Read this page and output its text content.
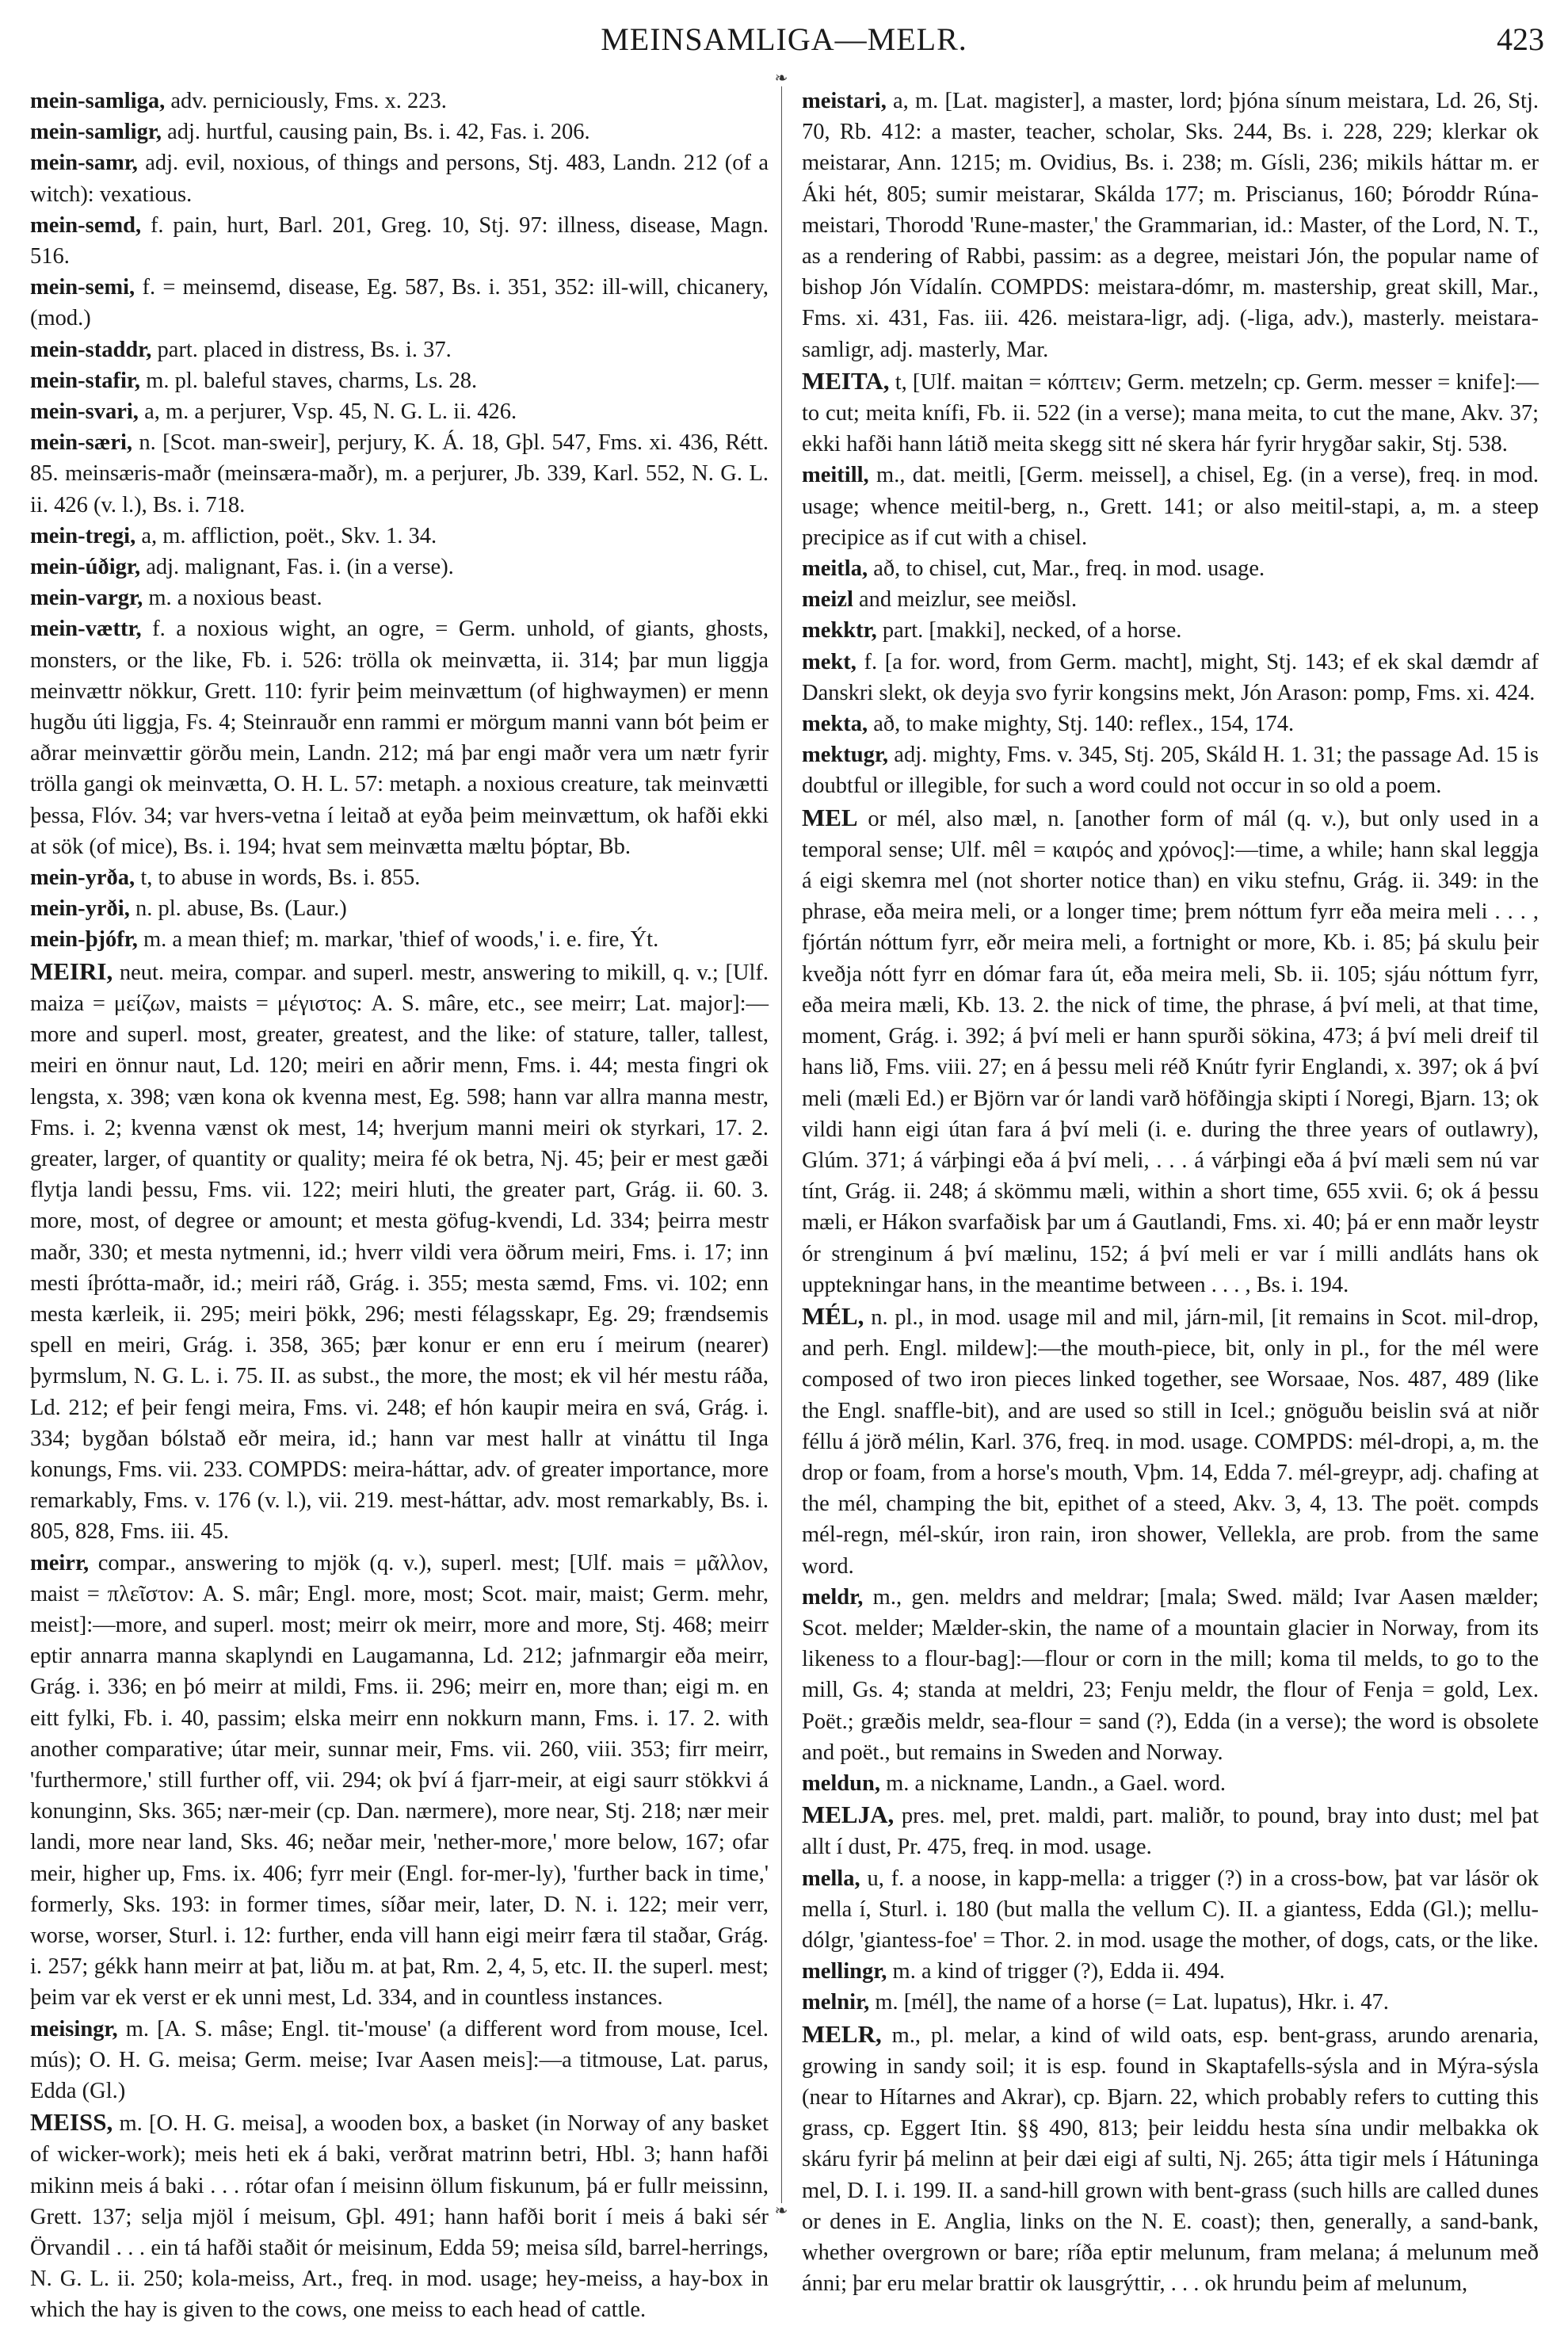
MEINSAMLIGA—MELR.	423

mein-samliga, adv. perniciously, Fms. x. 223.

mein-samligr, adj. hurtful, causing pain, Bs. i. 42, Fas. i. 206.

mein-samr, adj. evil, noxious, of things and persons, Stj. 483, Landn. 212 (of a witch): vexatious.

mein-semd, f. pain, hurt, Barl. 201, Greg. 10, Stj. 97: illness, disease, Magn. 516.

mein-semi, f. = meinsemd, disease, Eg. 587, Bs. i. 351, 352: ill-will, chicanery, (mod.)

mein-staddr, part. placed in distress, Bs. i. 37.

mein-stafir, m. pl. baleful staves, charms, Ls. 28.

mein-svari, a, m. a perjurer, Vsp. 45, N. G. L. ii. 426.

mein-særi, n. [Scot. man-sweir], perjury, K. Á. 18, Gþl. 547, Fms. xi. 436, Rétt. 85. meinsæris-maðr (meinsæra-maðr), m. a perjurer, Jb. 339, Karl. 552, N. G. L. ii. 426 (v. l.), Bs. i. 718.

mein-tregi, a, m. affliction, poët., Skv. 1. 34.

mein-úðigr, adj. malignant, Fas. i. (in a verse).

mein-vargr, m. a noxious beast.

mein-vættr, f. a noxious wight, an ogre, = Germ. unhold, of giants, ghosts, monsters, or the like, Fb. i. 526: trölla ok meinvætta, ii. 314; þar mun liggja meinvættr nökkur, Grett. 110: fyrir þeim meinvættum (of highwaymen) er menn hugðu úti liggja, Fs. 4; Steinrauðr enn rammi er mörgum manni vann bót þeim er aðrar meinvættir görðu mein, Landn. 212; má þar engi maðr vera um nætr fyrir trölla gangi ok meinvætta, O. H. L. 57: metaph. a noxious creature, tak meinvætti þessa, Flóv. 34; var hvers-vetna í leitað at eyða þeim meinvættum, ok hafði ekki at sök (of mice), Bs. i. 194; hvat sem meinvætta mæltu þóptar, Bb.

mein-yrða, t, to abuse in words, Bs. i. 855.

mein-yrði, n. pl. abuse, Bs. (Laur.)

mein-þjófr, m. a mean thief; m. markar, 'thief of woods,' i. e. fire, Ýt.

MEIRI, neut. meira, compar. and superl. mestr, answering to mikill, q. v.; [Ulf. maiza = μείζων, maists = μέγιστος: A. S. mâre, etc., see meirr; Lat. major]:—more and superl. most, greater, greatest, and the like: of stature, taller, tallest, meiri en önnur naut, Ld. 120; meiri en aðrir menn, Fms. i. 44; mesta fingri ok lengsta, x. 398; væn kona ok kvenna mest, Eg. 598; hann var allra manna mestr, Fms. i. 2; kvenna vænst ok mest, 14; hverjum manni meiri ok styrkari, 17. 2. greater, larger, of quantity or quality; meira fé ok betra, Nj. 45; þeir er mest gæði flytja landi þessu, Fms. vii. 122; meiri hluti, the greater part, Grág. ii. 60. 3. more, most, of degree or amount; et mesta göfug-kvendi, Ld. 334; þeirra mestr maðr, 330; et mesta nytmenni, id.; hverr vildi vera öðrum meiri, Fms. i. 17; inn mesti íþrótta-maðr, id.; meiri ráð, Grág. i. 355; mesta sæmd, Fms. vi. 102; enn mesta kærleik, ii. 295; meiri þökk, 296; mesti félagsskapr, Eg. 29; frændsemis spell en meiri, Grág. i. 358, 365; þær konur er enn eru í meirum (nearer) þyrmslum, N. G. L. i. 75. II. as subst., the more, the most; ek vil hér mestu ráða, Ld. 212; ef þeir fengi meira, Fms. vi. 248; ef hón kaupir meira en svá, Grág. i. 334; bygðan bólstað eðr meira, id.; hann var mest hallr at vináttu til Inga konungs, Fms. vii. 233. COMPDS: meira-háttar, adv. of greater importance, more remarkably, Fms. v. 176 (v. l.), vii. 219. mest-háttar, adv. most remarkably, Bs. i. 805, 828, Fms. iii. 45.

meirr, compar., answering to mjök (q. v.), superl. mest; [Ulf. mais = μᾶλλον, maist = πλεῖστον: A. S. mâr; Engl. more, most; Scot. mair, maist; Germ. mehr, meist]:—more, and superl. most; meirr ok meirr, more and more, Stj. 468; meirr eptir annarra manna skaplyndi en Laugamanna, Ld. 212; jafnmargir eða meirr, Grág. i. 336; en þó meirr at mildi, Fms. ii. 296; meirr en, more than; eigi m. en eitt fylki, Fb. i. 40, passim; elska meirr enn nokkurn mann, Fms. i. 17. 2. with another comparative; útar meir, sunnar meir, Fms. vii. 260, viii. 353; firr meirr, 'furthermore,' still further off, vii. 294; ok því á fjarr-meir, at eigi saurr stökkvi á konunginn, Sks. 365; nær-meir (cp. Dan. nærmere), more near, Stj. 218; nær meir landi, more near land, Sks. 46; neðar meir, 'nether-more,' more below, 167; ofar meir, higher up, Fms. ix. 406; fyrr meir (Engl. for-mer-ly), 'further back in time,' formerly, Sks. 193: in former times, síðar meir, later, D. N. i. 122; meir verr, worse, worser, Sturl. i. 12: further, enda vill hann eigi meirr færa til staðar, Grág. i. 257; gékk hann meirr at þat, liðu m. at þat, Rm. 2, 4, 5, etc. II. the superl. mest; þeim var ek verst er ek unni mest, Ld. 334, and in countless instances.

meisingr, m. [A. S. mâse; Engl. tit-'mouse' (a different word from mouse, Icel. mús); O. H. G. meisa; Germ. meise; Ivar Aasen meis]:—a titmouse, Lat. parus, Edda (Gl.)

MEISS, m. [O. H. G. meisa], a wooden box, a basket (in Norway of any basket of wicker-work); meis heti ek á baki, verðrat matrinn betri, Hbl. 3; hann hafði mikinn meis á baki . . . rótar ofan í meisinn öllum fiskunum, þá er fullr meissinn, Grett. 137; selja mjöl í meisum, Gþl. 491; hann hafði borit í meis á baki sér Örvandil . . . ein tá hafði staðit ór meisinum, Edda 59; meisa síld, barrel-herrings, N. G. L. ii. 250; kola-meiss, Art., freq. in mod. usage; hey-meiss, a hay-box in which the hay is given to the cows, one meiss to each head of cattle.

❧
❧

meistari, a, m. [Lat. magister], a master, lord; þjóna sínum meistara, Ld. 26, Stj. 70, Rb. 412: a master, teacher, scholar, Sks. 244, Bs. i. 228, 229; klerkar ok meistarar, Ann. 1215; m. Ovidius, Bs. i. 238; m. Gísli, 236; mikils háttar m. er Áki hét, 805; sumir meistarar, Skálda 177; m. Priscianus, 160; Þóroddr Rúna-meistari, Thorodd 'Rune-master,' the Grammarian, id.: Master, of the Lord, N. T., as a rendering of Rabbi, passim: as a degree, meistari Jón, the popular name of bishop Jón Vídalín. COMPDS: meistara-dómr, m. mastership, great skill, Mar., Fms. xi. 431, Fas. iii. 426. meistara-ligr, adj. (-liga, adv.), masterly. meistara-samligr, adj. masterly, Mar.

MEITA, t, [Ulf. maitan = κόπτειν; Germ. metzeln; cp. Germ. messer = knife]:—to cut; meita knífi, Fb. ii. 522 (in a verse); mana meita, to cut the mane, Akv. 37; ekki hafði hann látið meita skegg sitt né skera hár fyrir hrygðar sakir, Stj. 538.

meitill, m., dat. meitli, [Germ. meissel], a chisel, Eg. (in a verse), freq. in mod. usage; whence meitil-berg, n., Grett. 141; or also meitil-stapi, a, m. a steep precipice as if cut with a chisel.

meitla, að, to chisel, cut, Mar., freq. in mod. usage.

meizl and meizlur, see meiðsl.

mekktr, part. [makki], necked, of a horse.

mekt, f. [a for. word, from Germ. macht], might, Stj. 143; ef ek skal dæmdr af Danskri slekt, ok deyja svo fyrir kongsins mekt, Jón Arason: pomp, Fms. xi. 424.

mekta, að, to make mighty, Stj. 140: reflex., 154, 174.

mektugr, adj. mighty, Fms. v. 345, Stj. 205, Skáld H. 1. 31; the passage Ad. 15 is doubtful or illegible, for such a word could not occur in so old a poem.

MEL or mél, also mæl, n. [another form of mál (q. v.), but only used in a temporal sense; Ulf. mêl = καιρός and χρόνος]:—time, a while; hann skal leggja á eigi skemra mel (not shorter notice than) en viku stefnu, Grág. ii. 349: in the phrase, eða meira meli, or a longer time; þrem nóttum fyrr eða meira meli . . . , fjórtán nóttum fyrr, eðr meira meli, a fortnight or more, Kb. i. 85; þá skulu þeir kveðja nótt fyrr en dómar fara út, eða meira meli, Sb. ii. 105; sjáu nóttum fyrr, eða meira mæli, Kb. 13. 2. the nick of time, the phrase, á því meli, at that time, moment, Grág. i. 392; á því meli er hann spurði sökina, 473; á því meli dreif til hans lið, Fms. viii. 27; en á þessu meli réð Knútr fyrir Englandi, x. 397; ok á því meli (mæli Ed.) er Björn var ór landi varð höfðingja skipti í Noregi, Bjarn. 13; ok vildi hann eigi útan fara á því meli (i. e. during the three years of outlawry), Glúm. 371; á várþingi eða á því meli, . . . á várþingi eða á því mæli sem nú var tínt, Grág. ii. 248; á skömmu mæli, within a short time, 655 xvii. 6; ok á þessu mæli, er Hákon svarfaðisk þar um á Gautlandi, Fms. xi. 40; þá er enn maðr leystr ór strenginum á því mælinu, 152; á því meli er var í milli andláts hans ok upptekningar hans, in the meantime between . . . , Bs. i. 194.

MÉL, n. pl., in mod. usage mil and mil, járn-mil, [it remains in Scot. mil-drop, and perh. Engl. mildew]:—the mouth-piece, bit, only in pl., for the mél were composed of two iron pieces linked together, see Worsaae, Nos. 487, 489 (like the Engl. snaffle-bit), and are used so still in Icel.; gnöguðu beislin svá at niðr féllu á jörð mélin, Karl. 376, freq. in mod. usage. COMPDS: mél-dropi, a, m. the drop or foam, from a horse's mouth, Vþm. 14, Edda 7. mél-greypr, adj. chafing at the mél, champing the bit, epithet of a steed, Akv. 3, 4, 13. The poët. compds mél-regn, mél-skúr, iron rain, iron shower, Vellekla, are prob. from the same word.

meldr, m., gen. meldrs and meldrar; [mala; Swed. mäld; Ivar Aasen mælder; Scot. melder; Mælder-skin, the name of a mountain glacier in Norway, from its likeness to a flour-bag]:—flour or corn in the mill; koma til melds, to go to the mill, Gs. 4; standa at meldri, 23; Fenju meldr, the flour of Fenja = gold, Lex. Poët.; græðis meldr, sea-flour = sand (?), Edda (in a verse); the word is obsolete and poët., but remains in Sweden and Norway.

meldun, m. a nickname, Landn., a Gael. word.

MELJA, pres. mel, pret. maldi, part. maliðr, to pound, bray into dust; mel þat allt í dust, Pr. 475, freq. in mod. usage.

mella, u, f. a noose, in kapp-mella: a trigger (?) in a cross-bow, þat var lásör ok mella í, Sturl. i. 180 (but malla the vellum C). II. a giantess, Edda (Gl.); mellu-dólgr, 'giantess-foe' = Thor. 2. in mod. usage the mother, of dogs, cats, or the like.

mellingr, m. a kind of trigger (?), Edda ii. 494.

melnir, m. [mél], the name of a horse (= Lat. lupatus), Hkr. i. 47.

MELR, m., pl. melar, a kind of wild oats, esp. bent-grass, arundo arenaria, growing in sandy soil; it is esp. found in Skaptafells-sýsla and in Mýra-sýsla (near to Hítarnes and Akrar), cp. Bjarn. 22, which probably refers to cutting this grass, cp. Eggert Itin. §§ 490, 813; þeir leiddu hesta sína undir melbakka ok skáru fyrir þá melinn at þeir dæi eigi af sulti, Nj. 265; átta tigir mels í Hátuninga mel, D. I. i. 199. II. a sand-hill grown with bent-grass (such hills are called dunes or denes in E. Anglia, links on the N. E. coast); then, generally, a sand-bank, whether overgrown or bare; ríða eptir melunum, fram melana; á melunum með ánni; þar eru melar brattir ok lausgrýttir, . . . ok hrundu þeim af melunum,
